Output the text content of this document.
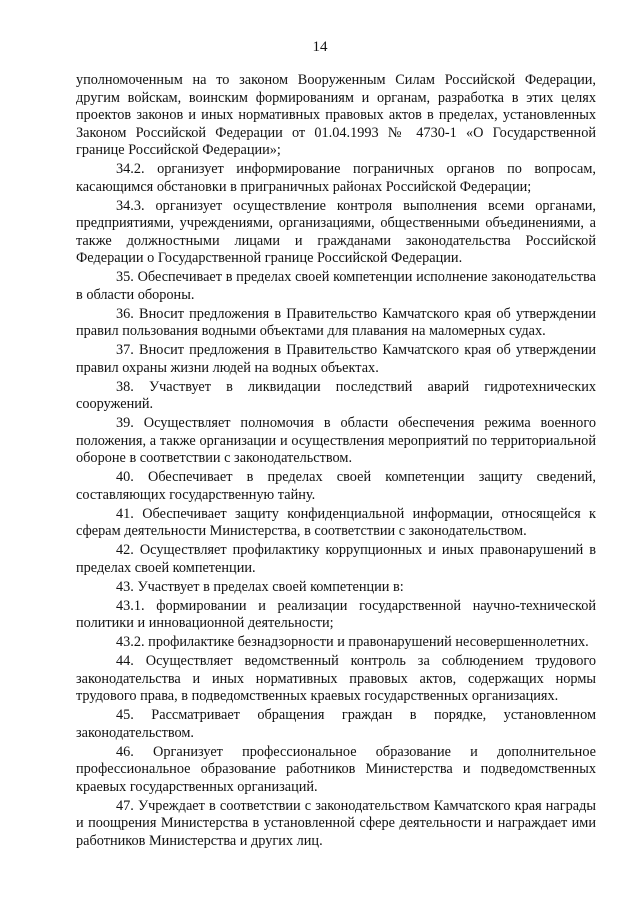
14

уполномоченным на то законом Вооруженным Силам Российской Федерации, другим войскам, воинским формированиям и органам, разработка в этих целях проектов законов и иных нормативных правовых актов в пределах, установленных Законом Российской Федерации от 01.04.1993 № 4730-1 «О Государственной границе Российской Федерации»;

34.2. организует информирование пограничных органов по вопросам, касающимся обстановки в приграничных районах Российской Федерации;

34.3. организует осуществление контроля выполнения всеми органами, предприятиями, учреждениями, организациями, общественными объединениями, а также должностными лицами и гражданами законодательства Российской Федерации о Государственной границе Российской Федерации.

35. Обеспечивает в пределах своей компетенции исполнение законодательства в области обороны.

36. Вносит предложения в Правительство Камчатского края об утверждении правил пользования водными объектами для плавания на маломерных судах.

37. Вносит предложения в Правительство Камчатского края об утверждении правил охраны жизни людей на водных объектах.

38. Участвует в ликвидации последствий аварий гидротехнических сооружений.

39. Осуществляет полномочия в области обеспечения режима военного положения, а также организации и осуществления мероприятий по территориальной обороне в соответствии с законодательством.

40. Обеспечивает в пределах своей компетенции защиту сведений, составляющих государственную тайну.

41. Обеспечивает защиту конфиденциальной информации, относящейся к сферам деятельности Министерства, в соответствии с законодательством.

42. Осуществляет профилактику коррупционных и иных правонарушений в пределах своей компетенции.

43. Участвует в пределах своей компетенции в:

43.1. формировании и реализации государственной научно-технической политики и инновационной деятельности;

43.2. профилактике безнадзорности и правонарушений несовершеннолетних.

44. Осуществляет ведомственный контроль за соблюдением трудового законодательства и иных нормативных правовых актов, содержащих нормы трудового права, в подведомственных краевых государственных организациях.

45. Рассматривает обращения граждан в порядке, установленном законодательством.

46. Организует профессиональное образование и дополнительное профессиональное образование работников Министерства и подведомственных краевых государственных организаций.

47. Учреждает в соответствии с законодательством Камчатского края награды и поощрения Министерства в установленной сфере деятельности и награждает ими работников Министерства и других лиц.
